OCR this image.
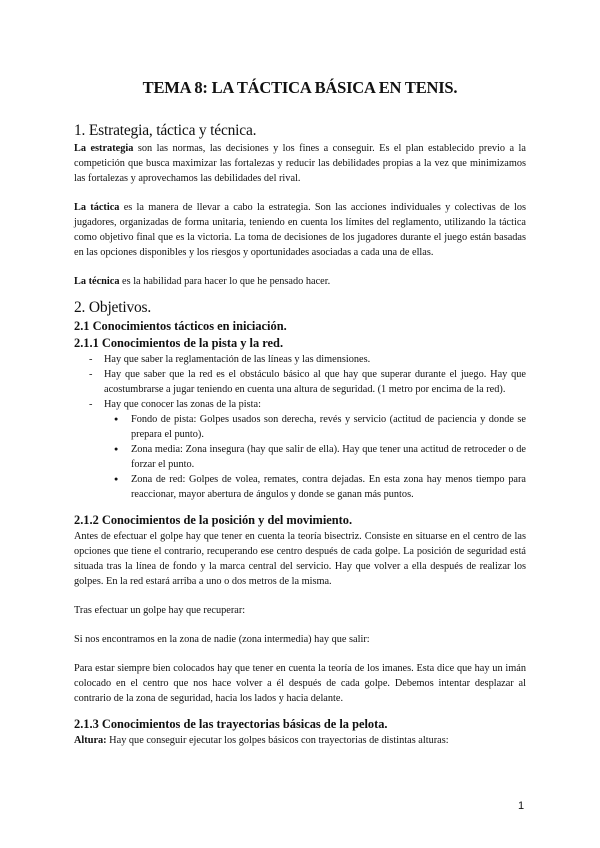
TEMA 8: LA TÁCTICA BÁSICA EN TENIS.
1. Estrategia, táctica y técnica.

La estrategia son las normas, las decisiones y los fines a conseguir. Es el plan establecido previo a la competición que busca maximizar las fortalezas y reducir las debilidades propias a la vez que minimizamos las fortalezas y aprovechamos las debilidades del rival.

La táctica es la manera de llevar a cabo la estrategia. Son las acciones individuales y colectivas de los jugadores, organizadas de forma unitaria, teniendo en cuenta los límites del reglamento, utilizando la táctica como objetivo final que es la victoria. La toma de decisiones de los jugadores durante el juego están basadas en las opciones disponibles y los riesgos y oportunidades asociadas a cada una de ellas.

La técnica es la habilidad para hacer lo que he pensado hacer.

2. Objetivos.
2.1 Conocimientos tácticos en iniciación.
2.1.1 Conocimientos de la pista y la red.
- Hay que saber la reglamentación de las líneas y las dimensiones.
- Hay que saber que la red es el obstáculo básico al que hay que superar durante el juego. Hay que acostumbrarse a jugar teniendo en cuenta una altura de seguridad. (1 metro por encima de la red).
- Hay que conocer las zonas de la pista:
● Fondo de pista: Golpes usados son derecha, revés y servicio (actitud de paciencia y donde se prepara el punto).
● Zona media: Zona insegura (hay que salir de ella). Hay que tener una actitud de retroceder o de forzar el punto.
● Zona de red: Golpes de volea, remates, contra dejadas. En esta zona hay menos tiempo para reaccionar, mayor abertura de ángulos y donde se ganan más puntos.
2.1.2 Conocimientos de la posición y del movimiento.

Antes de efectuar el golpe hay que tener en cuenta la teoría bisectriz. Consiste en situarse en el centro de las opciones que tiene el contrario, recuperando ese centro después de cada golpe. La posición de seguridad está situada tras la línea de fondo y la marca central del servicio. Hay que volver a ella después de realizar los golpes. En la red estará arriba a uno o dos metros de la misma.

Tras efectuar un golpe hay que recuperar:

Si nos encontramos en la zona de nadie (zona intermedia) hay que salir:

Para estar siempre bien colocados hay que tener en cuenta la teoría de los imanes. Esta dice que hay un imán colocado en el centro que nos hace volver a él después de cada golpe. Debemos intentar desplazar al contrario de la zona de seguridad, hacia los lados y hacia delante.

2.1.3 Conocimientos de las trayectorias básicas de la pelota.

Altura: Hay que conseguir ejecutar los golpes básicos con trayectorias de distintas alturas:

1
